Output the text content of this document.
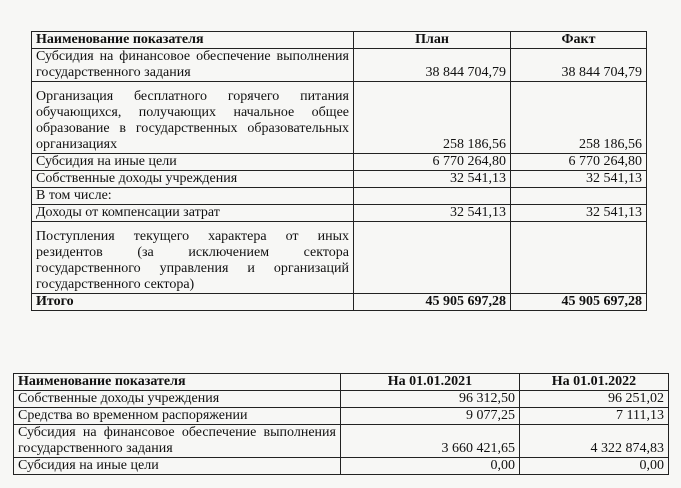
Наименование показателя	План	Факт
Субсидия на финансовое обеспечение выполнения государственного задания	38 844 704,79	38 844 704,79
Организация бесплатного горячего питания обучающихся, получающих начальное общее образование в государственных образовательных организациях	258 186,56	258 186,56
Субсидия на иные цели	6 770 264,80	6 770 264,80
Собственные доходы учреждения	32 541,13	32 541,13
В том числе:		
Доходы от компенсации затрат	32 541,13	32 541,13
Поступления текущего характера от иных резидентов (за исключением сектора государственного управления и организаций государственного сектора)		
Итого	45 905 697,28	45 905 697,28
Наименование показателя	На 01.01.2021	На 01.01.2022
Собственные доходы учреждения	96 312,50	96 251,02
Средства во временном распоряжении	9 077,25	7 111,13
Субсидия на финансовое обеспечение выполнения государственного задания	3 660 421,65	4 322 874,83
Субсидия на иные цели	0,00	0,00
